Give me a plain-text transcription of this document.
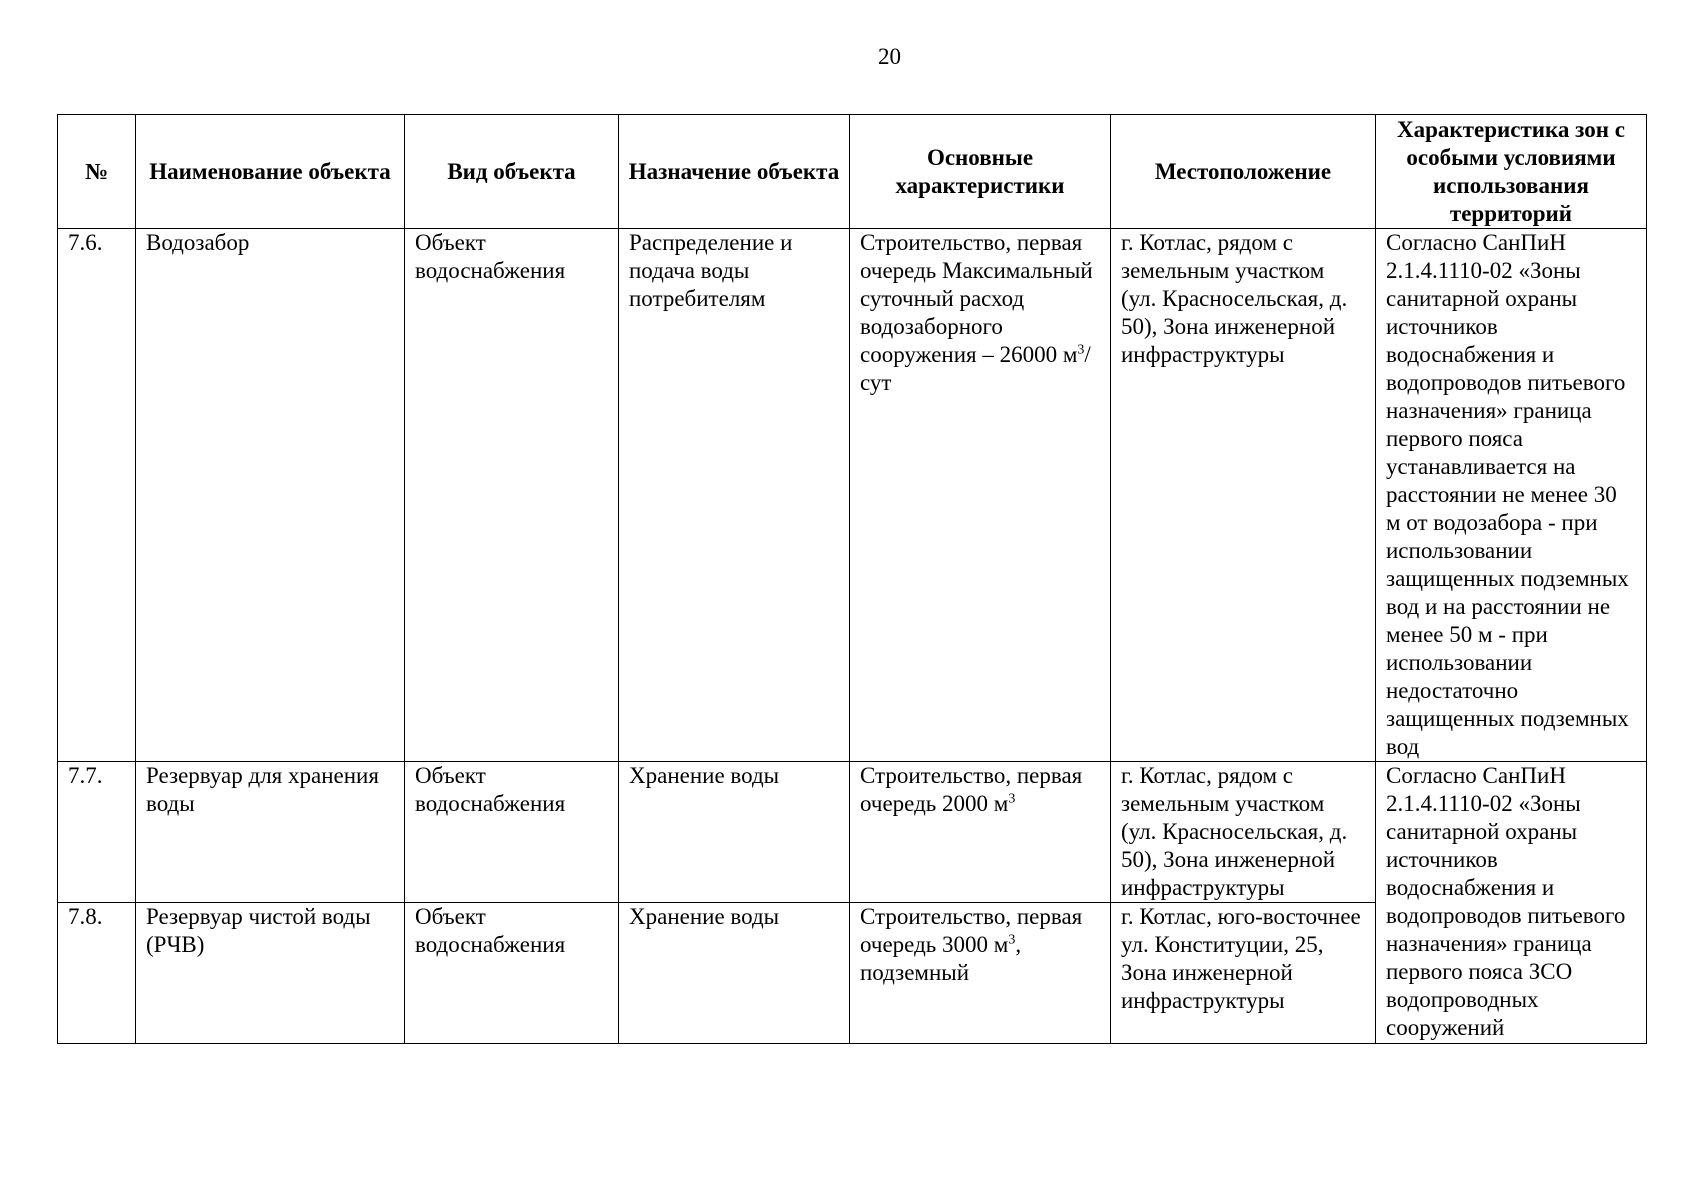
20
№	Наименование объекта	Вид объекта	Назначение объекта	Основные характеристики	Местоположение	Характеристика зон с особыми условиями использования территорий
7.6.	Водозабор	Объект водоснабжения	Распределение и подача воды потребителям	Строительство, первая очередь Максимальный суточный расход водозаборного сооружения – 26000 $м^3$/сут	г. Котлас, рядом с земельным участком (ул. Красносельская, д. 50), Зона инженерной инфраструктуры	Согласно СанПиН 2.1.4.1110-02 «Зоны санитарной охраны источников водоснабжения и водопроводов питьевого назначения» граница первого пояса устанавливается на расстоянии не менее 30 м от водозабора - при использовании защищенных подземных вод и на расстоянии не менее 50 м - при использовании недостаточно защищенных подземных вод
7.7.	Резервуар для хранения воды	Объект водоснабжения	Хранение воды	Строительство, первая очередь 2000 $м^3$	г. Котлас, рядом с земельным участком (ул. Красносельская, д. 50), Зона инженерной инфраструктуры	Согласно СанПиН 2.1.4.1110-02 «Зоны санитарной охраны источников водоснабжения и водопроводов питьевого назначения» граница первого пояса ЗСО водопроводных сооружений
7.8.	Резервуар чистой воды (РЧВ)	Объект водоснабжения	Хранение воды	Строительство, первая очередь 3000 $м^3$, подземный	г. Котлас, юго-восточнее ул. Конституции, 25, Зона инженерной инфраструктуры	
